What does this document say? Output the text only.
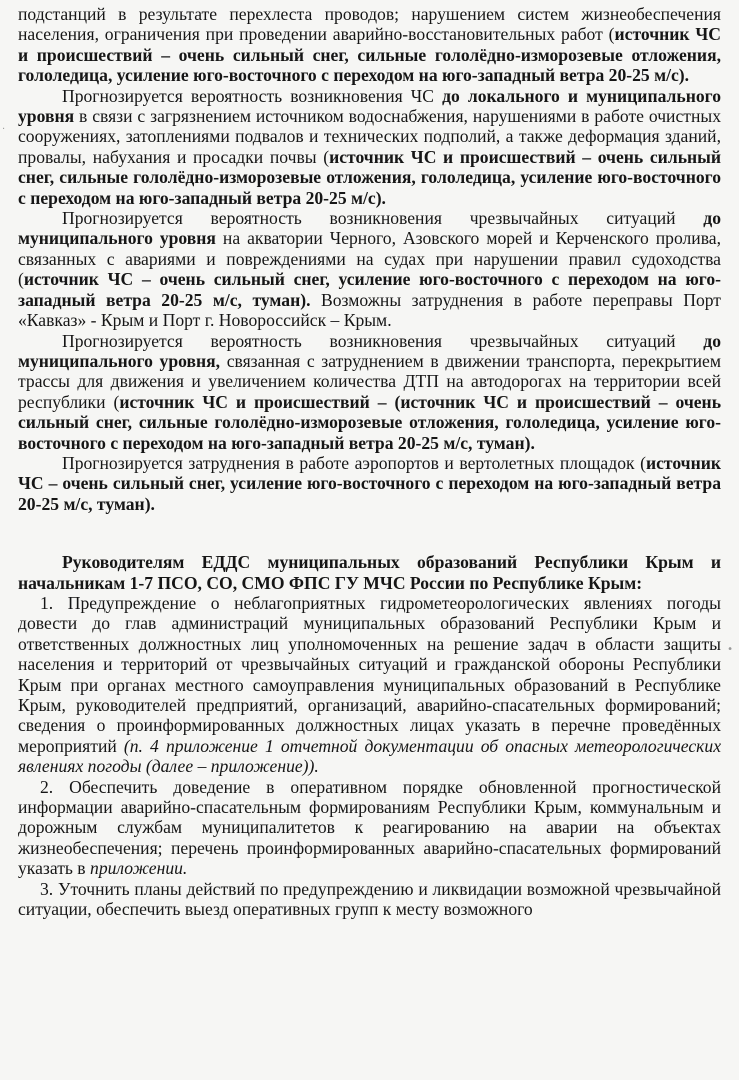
подстанций в результате перехлеста проводов; нарушением систем жизнеобеспечения населения, ограничения при проведении аварийно-восстановительных работ (источник ЧС и происшествий – очень сильный снег, сильные гололёдно-изморозевые отложения, гололедица, усиление юго-восточного с переходом на юго-западный ветра 20-25 м/с).

Прогнозируется вероятность возникновения ЧС до локального и муниципального уровня в связи с загрязнением источником водоснабжения, нарушениями в работе очистных сооружениях, затоплениями подвалов и технических подполий, а также деформация зданий, провалы, набухания и просадки почвы (источник ЧС и происшествий – очень сильный снег, сильные гололёдно-изморозевые отложения, гололедица, усиление юго-восточного с переходом на юго-западный ветра 20-25 м/с).

Прогнозируется вероятность возникновения чрезвычайных ситуаций до муниципального уровня на акватории Черного, Азовского морей и Керченского пролива, связанных с авариями и повреждениями на судах при нарушении правил судоходства (источник ЧС – очень сильный снег, усиление юго-восточного с переходом на юго-западный ветра 20-25 м/с, туман). Возможны затруднения в работе переправы Порт «Кавказ» - Крым и Порт г. Новороссийск – Крым.

Прогнозируется вероятность возникновения чрезвычайных ситуаций до муниципального уровня, связанная с затруднением в движении транспорта, перекрытием трассы для движения и увеличением количества ДТП на автодорогах на территории всей республики (источник ЧС и происшествий – (источник ЧС и происшествий – очень сильный снег, сильные гололёдно-изморозевые отложения, гололедица, усиление юго-восточного с переходом на юго-западный ветра 20-25 м/с, туман).

Прогнозируется затруднения в работе аэропортов и вертолетных площадок (источник ЧС – очень сильный снег, усиление юго-восточного с переходом на юго-западный ветра 20-25 м/с, туман).

Руководителям ЕДДС муниципальных образований Республики Крым и начальникам 1-7 ПСО, СО, СМО ФПС ГУ МЧС России по Республике Крым:

1. Предупреждение о неблагоприятных гидрометеорологических явлениях погоды довести до глав администраций муниципальных образований Республики Крым и ответственных должностных лиц уполномоченных на решение задач в области защиты населения и территорий от чрезвычайных ситуаций и гражданской обороны Республики Крым при органах местного самоуправления муниципальных образований в Республике Крым, руководителей предприятий, организаций, аварийно-спасательных формирований; сведения о проинформированных должностных лицах указать в перечне проведённых мероприятий (п. 4 приложение 1 отчетной документации об опасных метеорологических явлениях погоды (далее – приложение)).

2. Обеспечить доведение в оперативном порядке обновленной прогностической информации аварийно-спасательным формированиям Республики Крым, коммунальным и дорожным службам муниципалитетов к реагированию на аварии на объектах жизнеобеспечения; перечень проинформированных аварийно-спасательных формирований указать в приложении.

3. Уточнить планы действий по предупреждению и ликвидации возможной чрезвычайной ситуации, обеспечить выезд оперативных групп к месту возможного

•
·
